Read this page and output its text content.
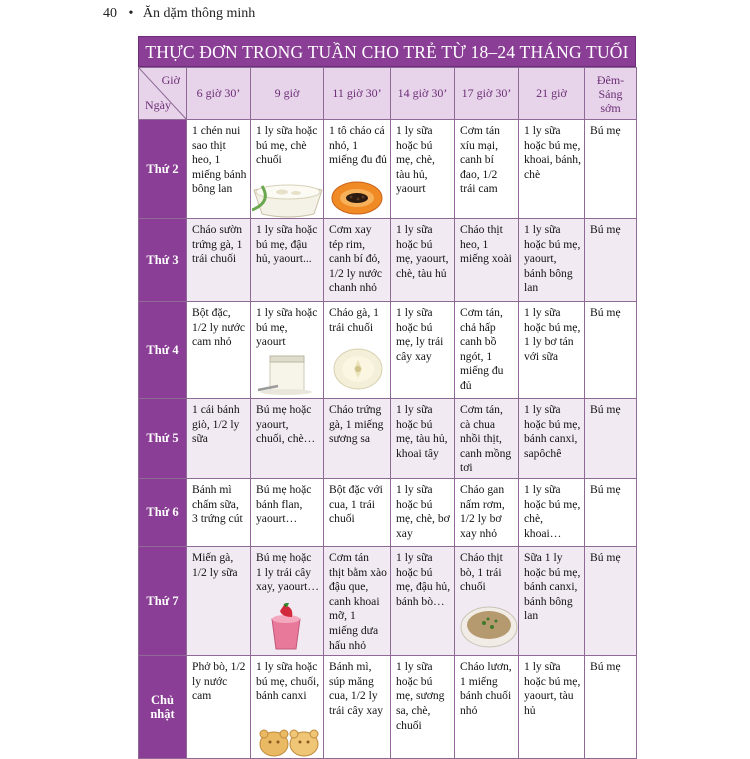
40 • Ăn dặm thông minh
THỰC ĐƠN TRONG TUẦN CHO TRẺ TỪ 18–24 THÁNG TUỔI
Giờ
Ngày	6 giờ 30’	9 giờ	11 giờ 30’	14 giờ 30’	17 giờ 30’	21 giờ	Đêm-Sáng sớm
Thứ 2	1 chén nui sao thịt heo, 1 miếng bánh bông lan	1 ly sữa hoặc bú mẹ, chè chuối	1 tô cháo cá nhỏ, 1 miếng đu đủ	1 ly sữa hoặc bú mẹ, chè, tàu hủ, yaourt	Cơm tán xíu mại, canh bí đao, 1/2 trái cam	1 ly sữa hoặc bú mẹ, khoai, bánh, chè	Bú mẹ

Thứ 3	Cháo sườn trứng gà, 1 trái chuối	1 ly sữa hoặc bú mẹ, đậu hủ, yaourt...	Cơm xay tép rim, canh bí đỏ, 1/2 ly nước chanh nhỏ	1 ly sữa hoặc bú mẹ, yaourt, chè, tàu hủ	Cháo thịt heo, 1 miếng xoài	1 ly sữa hoặc bú mẹ, yaourt, bánh bông lan	Bú mẹ

Thứ 4	Bột đặc, 1/2 ly nước cam nhỏ	1 ly sữa hoặc bú mẹ, yaourt	Cháo gà, 1 trái chuối	1 ly sữa hoặc bú mẹ, ly trái cây xay	Cơm tán, chả hấp canh bồ ngót, 1 miếng đu đủ	1 ly sữa hoặc bú mẹ, 1 ly bơ tán với sữa	Bú mẹ

Thứ 5	1 cái bánh giò, 1/2 ly sữa	Bú mẹ hoặc yaourt, chuối, chè…	Cháo trứng gà, 1 miếng sương sa	1 ly sữa hoặc bú mẹ, tàu hủ, khoai tây	Cơm tán, cà chua nhồi thịt, canh mồng tơi	1 ly sữa hoặc bú mẹ, bánh canxi, sapôchê	Bú mẹ

Thứ 6	Bánh mì chấm sữa, 3 trứng cút	Bú mẹ hoặc bánh flan, yaourt…	Bột đặc với cua, 1 trái chuối	1 ly sữa hoặc bú mẹ, chè, bơ xay	Cháo gan nấm rơm, 1/2 ly bơ xay nhỏ	1 ly sữa hoặc bú mẹ, chè, khoai…	Bú mẹ

Thứ 7	Miến gà, 1/2 ly sữa	Bú mẹ hoặc 1 ly trái cây xay, yaourt…	Cơm tán thịt bằm xào đậu que, canh khoai mỡ, 1 miếng dưa hấu nhỏ	1 ly sữa hoặc bú mẹ, đậu hủ, bánh bò…	Cháo thịt bò, 1 trái chuối	Sữa 1 ly hoặc bú mẹ, bánh canxi, bánh bông lan	Bú mẹ

Chủ nhật	Phở bò, 1/2 ly nước cam	1 ly sữa hoặc bú mẹ, chuối, bánh canxi	Bánh mì, súp măng cua, 1/2 ly trái cây xay	1 ly sữa hoặc bú mẹ, sương sa, chè, chuối	Cháo lươn, 1 miếng bánh chuối nhỏ	1 ly sữa hoặc bú mẹ, yaourt, tàu hủ	Bú mẹ
